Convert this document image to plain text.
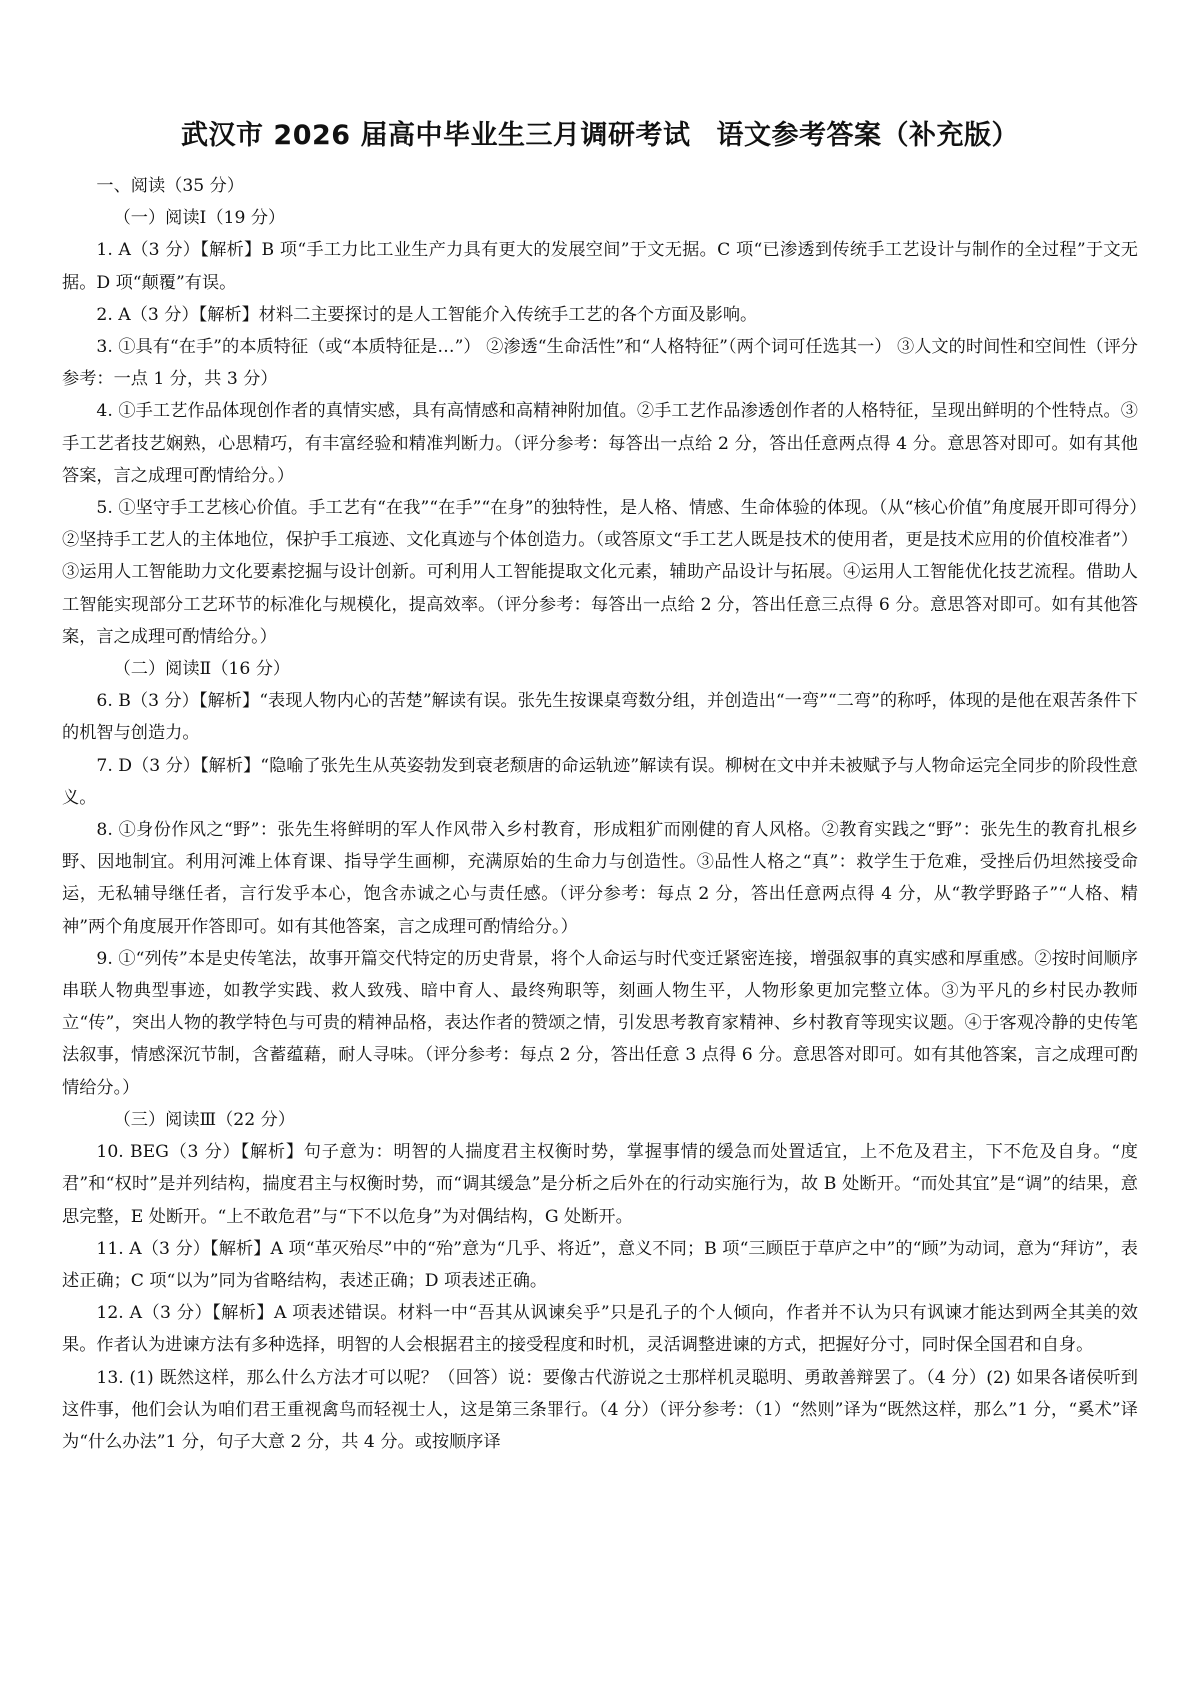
武汉市 2026 届高中毕业生三月调研考试 语文参考答案（补充版）

一、阅读（35 分）

（一）阅读Ⅰ（19 分）

1. A（3 分）【解析】B 项“手工力比工业生产力具有更大的发展空间”于文无据。C 项“已渗透到传统手工艺设计与制作的全过程”于文无据。D 项“颠覆”有误。

2. A（3 分）【解析】材料二主要探讨的是人工智能介入传统手工艺的各个方面及影响。

3. ①具有“在手”的本质特征（或“本质特征是…”） ②渗透“生命活性”和“人格特征”（两个词可任选其一） ③人文的时间性和空间性（评分参考：一点 1 分，共 3 分）

4. ①手工艺作品体现创作者的真情实感，具有高情感和高精神附加值。②手工艺作品渗透创作者的人格特征，呈现出鲜明的个性特点。③手工艺者技艺娴熟，心思精巧，有丰富经验和精准判断力。（评分参考：每答出一点给 2 分，答出任意两点得 4 分。意思答对即可。如有其他答案，言之成理可酌情给分。）

5. ①坚守手工艺核心价值。手工艺有“在我”“在手”“在身”的独特性，是人格、情感、生命体验的体现。（从“核心价值”角度展开即可得分）②坚持手工艺人的主体地位，保护手工痕迹、文化真迹与个体创造力。（或答原文“手工艺人既是技术的使用者，更是技术应用的价值校准者”）③运用人工智能助力文化要素挖掘与设计创新。可利用人工智能提取文化元素，辅助产品设计与拓展。④运用人工智能优化技艺流程。借助人工智能实现部分工艺环节的标准化与规模化，提高效率。（评分参考：每答出一点给 2 分，答出任意三点得 6 分。意思答对即可。如有其他答案，言之成理可酌情给分。）

（二）阅读Ⅱ（16 分）

6. B（3 分）【解析】“表现人物内心的苦楚”解读有误。张先生按课桌弯数分组，并创造出“一弯”“二弯”的称呼，体现的是他在艰苦条件下的机智与创造力。

7. D（3 分）【解析】“隐喻了张先生从英姿勃发到衰老颓唐的命运轨迹”解读有误。柳树在文中并未被赋予与人物命运完全同步的阶段性意义。

8. ①身份作风之“野”：张先生将鲜明的军人作风带入乡村教育，形成粗犷而刚健的育人风格。②教育实践之“野”：张先生的教育扎根乡野、因地制宜。利用河滩上体育课、指导学生画柳，充满原始的生命力与创造性。③品性人格之“真”：救学生于危难，受挫后仍坦然接受命运，无私辅导继任者，言行发乎本心，饱含赤诚之心与责任感。（评分参考：每点 2 分，答出任意两点得 4 分，从“教学野路子”“人格、精神”两个角度展开作答即可。如有其他答案，言之成理可酌情给分。）

9. ①“列传”本是史传笔法，故事开篇交代特定的历史背景，将个人命运与时代变迁紧密连接，增强叙事的真实感和厚重感。②按时间顺序串联人物典型事迹，如教学实践、救人致残、暗中育人、最终殉职等，刻画人物生平，人物形象更加完整立体。③为平凡的乡村民办教师立“传”，突出人物的教学特色与可贵的精神品格，表达作者的赞颂之情，引发思考教育家精神、乡村教育等现实议题。④于客观冷静的史传笔法叙事，情感深沉节制，含蓄蕴藉，耐人寻味。（评分参考：每点 2 分，答出任意 3 点得 6 分。意思答对即可。如有其他答案，言之成理可酌情给分。）

（三）阅读Ⅲ（22 分）

10. BEG（3 分）【解析】句子意为：明智的人揣度君主权衡时势，掌握事情的缓急而处置适宜，上不危及君主，下不危及自身。“度君”和“权时”是并列结构，揣度君主与权衡时势，而“调其缓急”是分析之后外在的行动实施行为，故 B 处断开。“而处其宜”是“调”的结果，意思完整，E 处断开。“上不敢危君”与“下不以危身”为对偶结构，G 处断开。

11. A（3 分）【解析】A 项“革灭殆尽”中的“殆”意为“几乎、将近”，意义不同；B 项“三顾臣于草庐之中”的“顾”为动词，意为“拜访”，表述正确；C 项“以为”同为省略结构，表述正确；D 项表述正确。

12. A（3 分）【解析】A 项表述错误。材料一中“吾其从讽谏矣乎”只是孔子的个人倾向，作者并不认为只有讽谏才能达到两全其美的效果。作者认为进谏方法有多种选择，明智的人会根据君主的接受程度和时机，灵活调整进谏的方式，把握好分寸，同时保全国君和自身。

13. (1) 既然这样，那么什么方法才可以呢？（回答）说：要像古代游说之士那样机灵聪明、勇敢善辩罢了。（4 分）(2) 如果各诸侯听到这件事，他们会认为咱们君王重视禽鸟而轻视士人，这是第三条罪行。（4 分）（评分参考：（1）“然则”译为“既然这样，那么”1 分，“奚术”译为“什么办法”1 分，句子大意 2 分，共 4 分。或按顺序译
